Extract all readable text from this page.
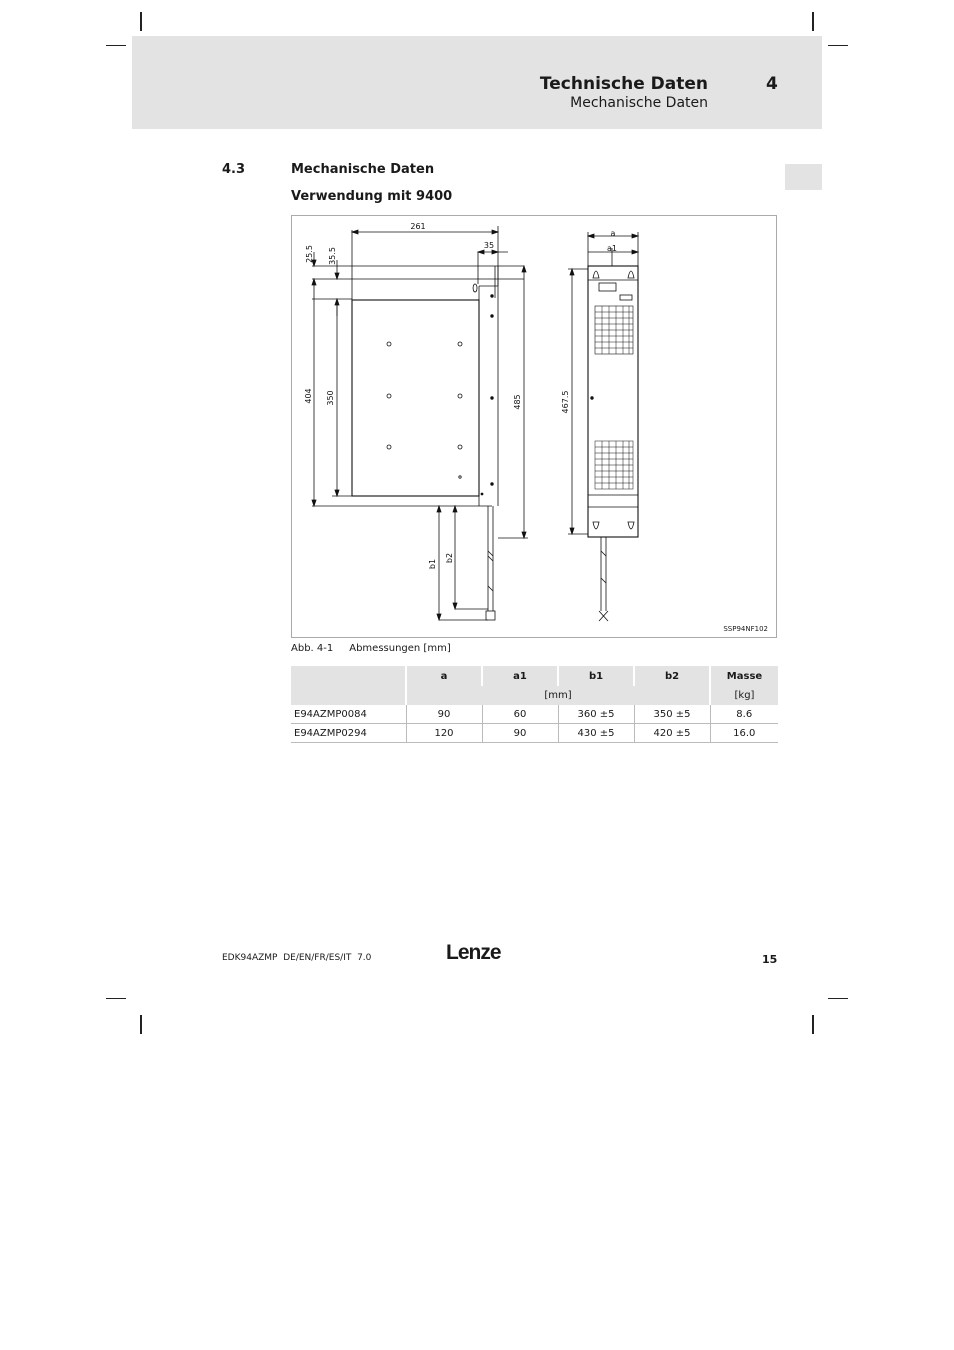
Technische Daten	4
Mechanische Daten
4.3	Mechanische Daten
Verwendung mit 9400
261
35
25.5 35.5
404 350	485	467.5
b1
b2
a
a1
SSP94NF102
Abb. 4-1 Abmessungen [mm]
	a	a1	b1	b2	Masse
	[mm]				[kg]
E94AZMP0084	90	60	360 ±5	350 ±5	8.6
E94AZMP0294	120	90	430 ±5	420 ±5	16.0
EDK94AZMP  DE/EN/FR/ES/IT  7.0	Lenze	15
